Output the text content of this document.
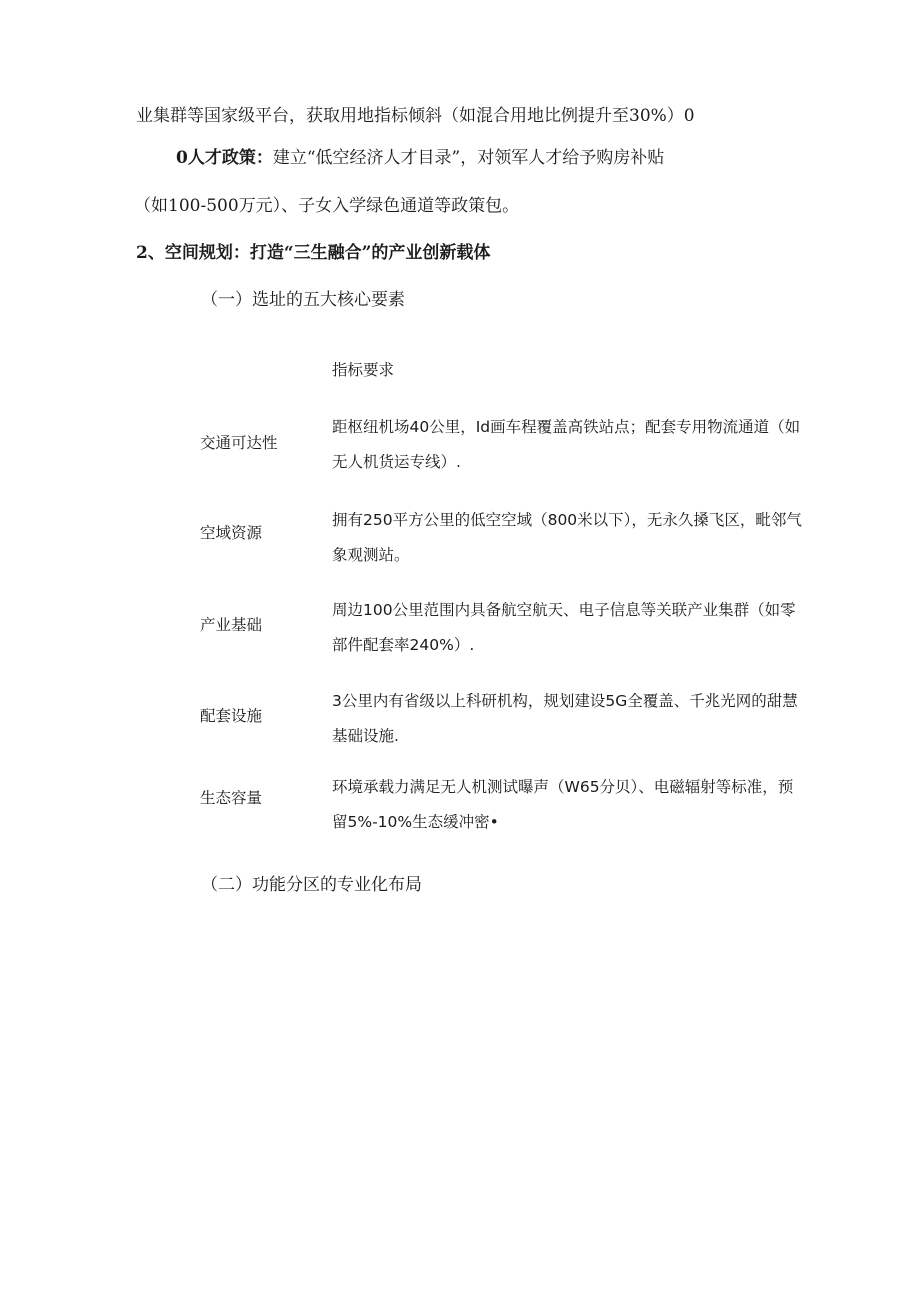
业集群等国家级平台，获取用地指标倾斜（如混合用地比例提升至30%）0
0人才政策：建立“低空经济人才目录”，对领军人才给予购房补贴
（如100-500万元）、子女入学绿色通道等政策包。
2、空间规划：打造“三生融合”的产业创新载体
（一）选址的五大核心要素
指标要求
交通可达性
距枢纽机场40公里，Id画车程覆盖高铁站点；配套专用物流通道（如无人机货运专线）.
空域资源
拥有250平方公里的低空空域（800米以下），无永久搡飞区，毗邻气象观测站。
产业基础
周边100公里范围内具备航空航天、电子信息等关联产业集群（如零部件配套率240%）.
配套设施
3公里内有省级以上科研机构，规划建设5G全覆盖、千兆光网的甜慧基础设施.
生态容量
环境承载力满足无人机测试曝声（W65分贝）、电磁辐射等标准，预留5%-10%生态缓冲密•
（二）功能分区的专业化布局
